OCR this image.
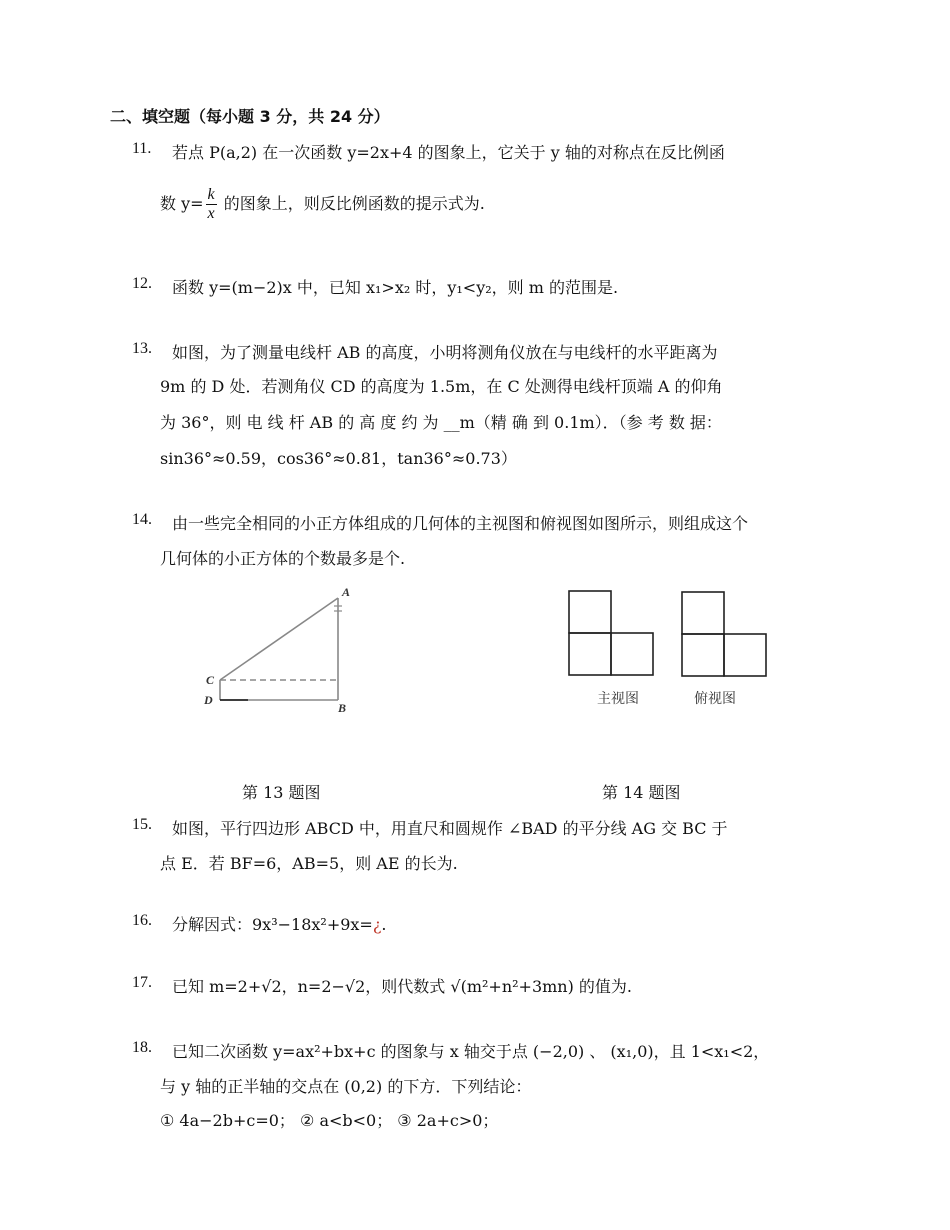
二、填空题（每小题 3 分，共 24 分）
11. 若点 P(a,2) 在一次函数 y=2x+4 的图象上，它关于 y 轴的对称点在反比例函
数 $y= \frac{k}{x}$ 的图象上，则反比例函数的提示式为.
12. 函数 y=(m−2)x 中，已知 x₁>x₂ 时，y₁<y₂，则 m 的范围是.
13. 如图，为了测量电线杆 AB 的高度，小明将测角仪放在与电线杆的水平距离为
9m 的 D 处．若测角仪 CD 的高度为 1.5m，在 C 处测得电线杆顶端 A 的仰角
为 36°，则 电 线 杆 AB 的 高 度 约 为 __m（精 确 到 0.1m）．（参 考 数 据：
sin36°≈0.59，cos36°≈0.81，tan36°≈0.73）
14. 由一些完全相同的小正方体组成的几何体的主视图和俯视图如图所示，则组成这个
几何体的小正方体的个数最多是个.
A
B
C
D	主视图	俯视图
第 13 题图	第 14 题图
15. 如图，平行四边形 ABCD 中，用直尺和圆规作 ∠BAD 的平分线 AG 交 BC 于
点 E．若 BF=6，AB=5，则 AE 的长为.
16. 分解因式：9x³−18x²+9x=¿.
17. 已知 m=2+√2，n=2−√2，则代数式 √(m²+n²+3mn) 的值为.
18. 已知二次函数 y=ax²+bx+c 的图象与 x 轴交于点 (−2,0) 、 (x₁,0)，且 1<x₁<2，
与 y 轴的正半轴的交点在 (0,2) 的下方．下列结论：
① 4a−2b+c=0； ② a<b<0； ③ 2a+c>0；
